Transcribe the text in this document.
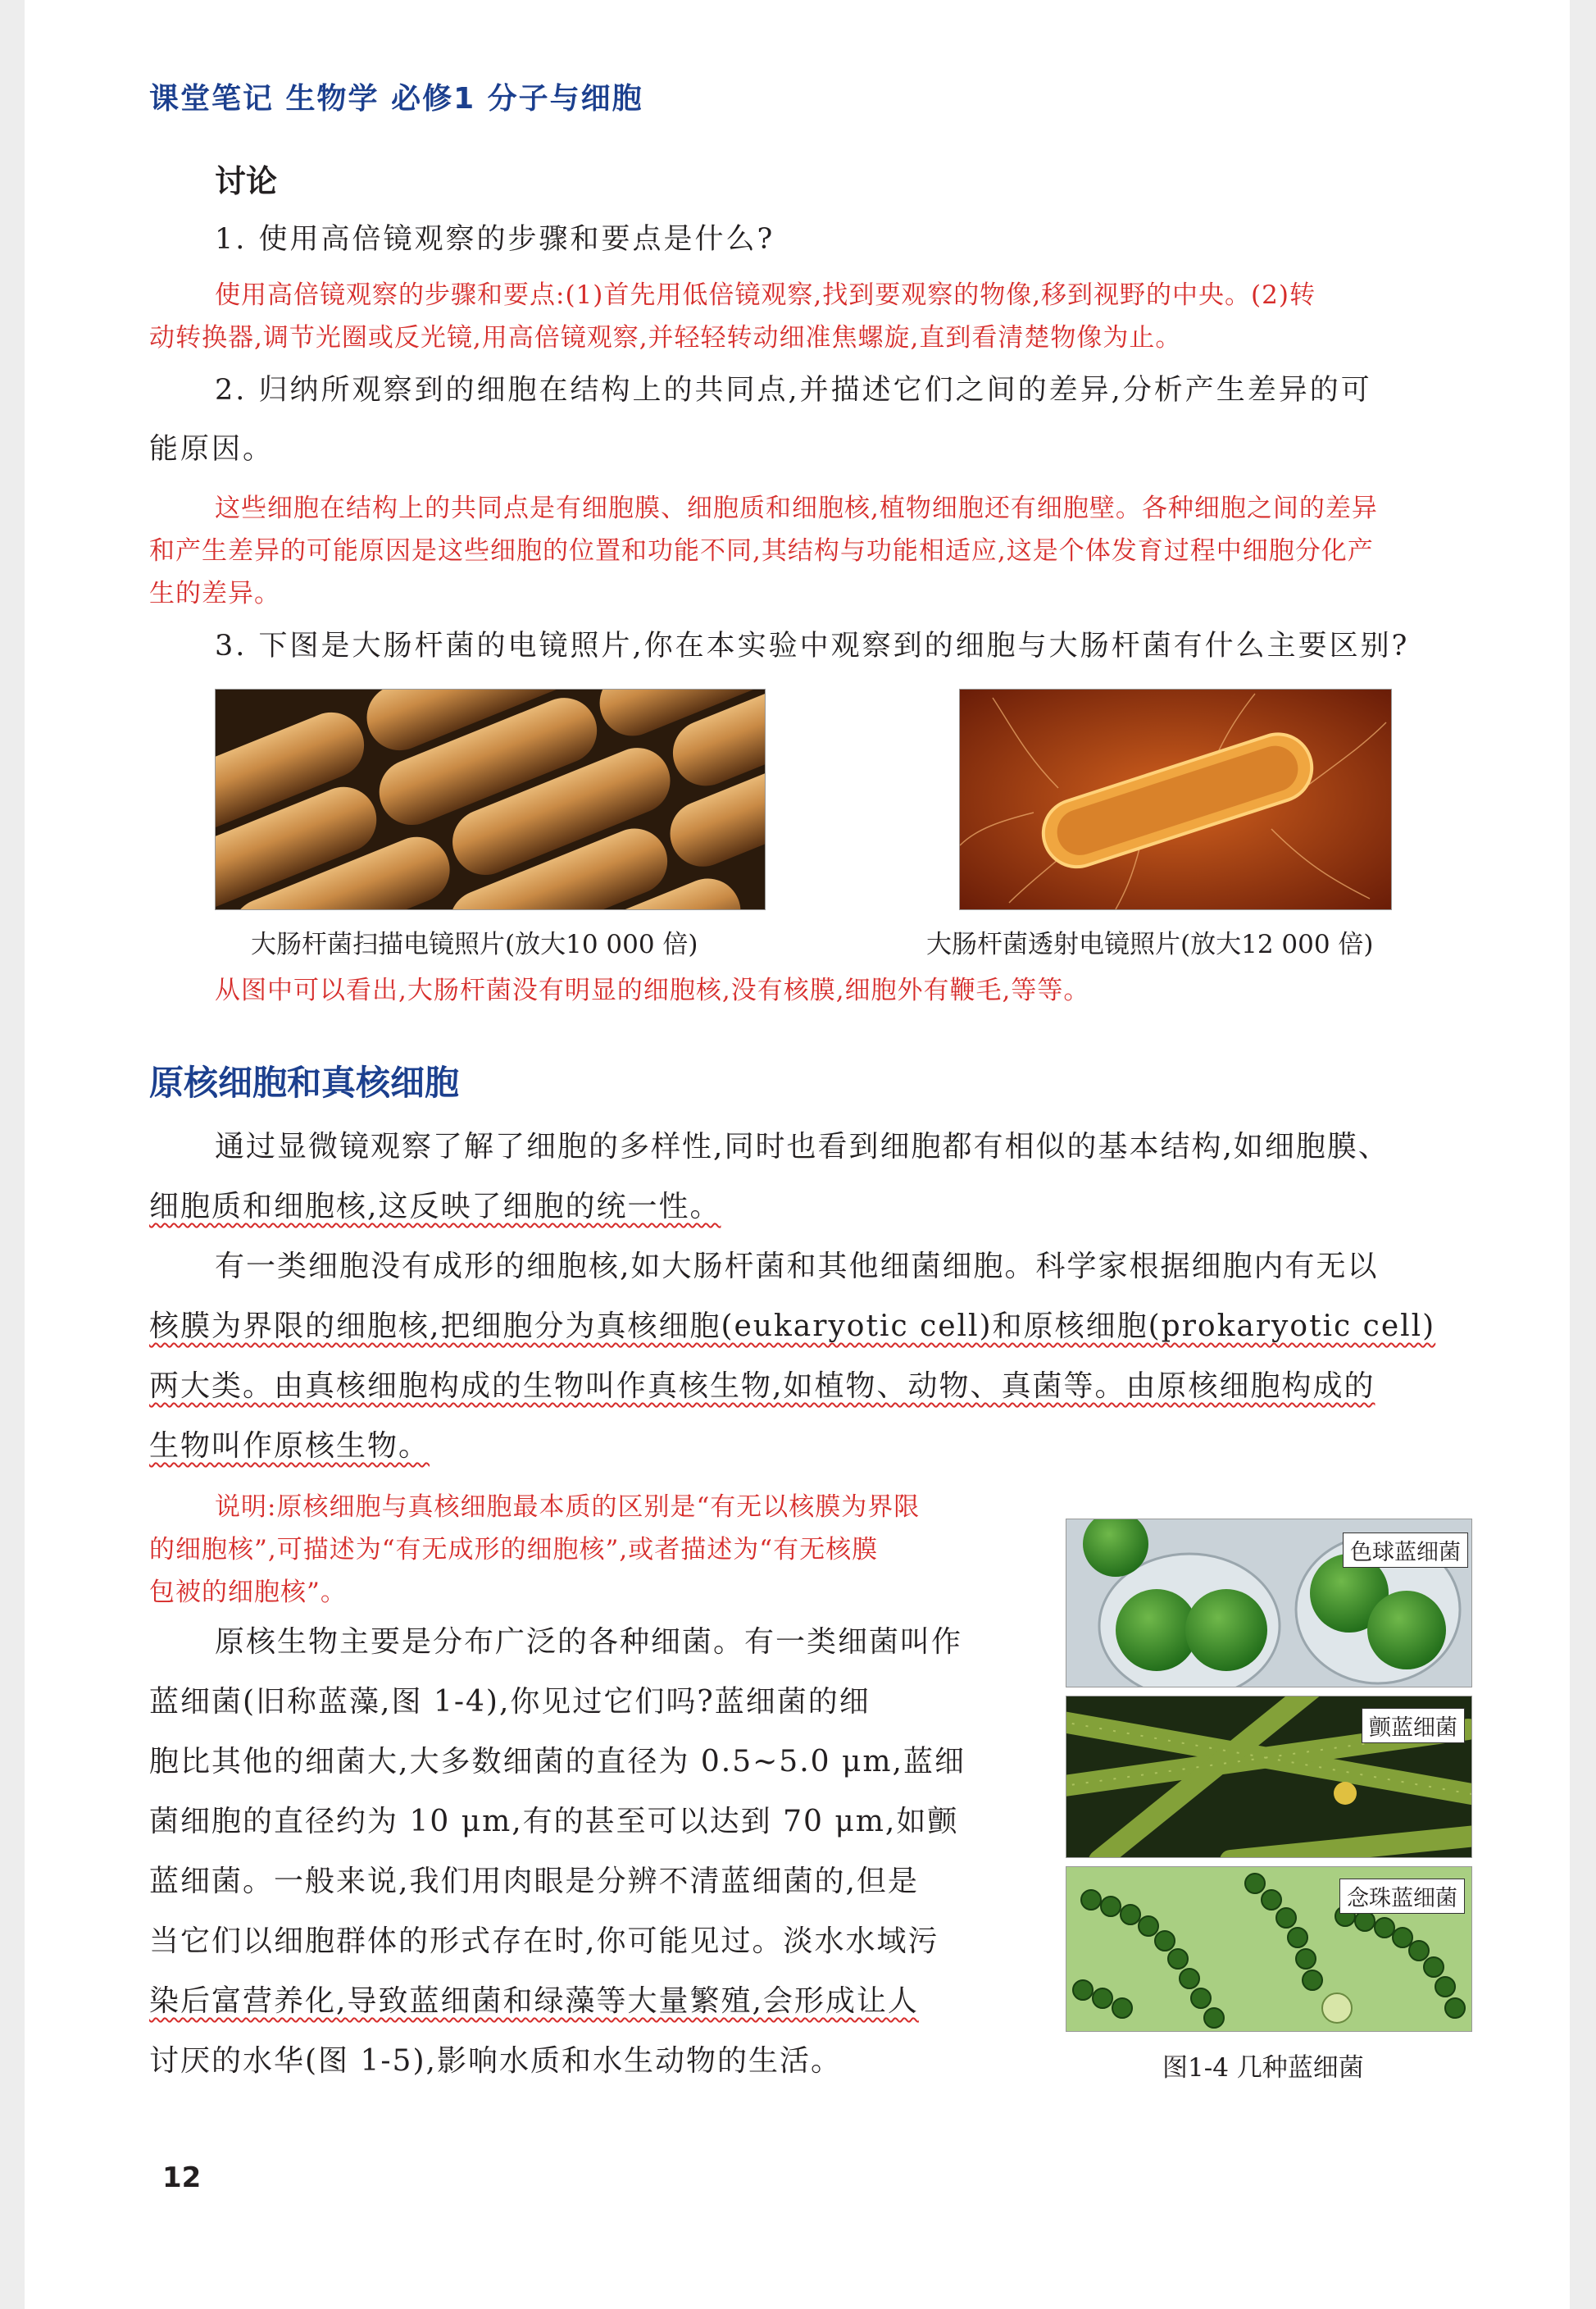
课堂笔记 生物学 必修1 分子与细胞
讨论
1. 使用高倍镜观察的步骤和要点是什么?
使用高倍镜观察的步骤和要点:(1)首先用低倍镜观察,找到要观察的物像,移到视野的中央。(2)转
动转换器,调节光圈或反光镜,用高倍镜观察,并轻轻转动细准焦螺旋,直到看清楚物像为止。
2. 归纳所观察到的细胞在结构上的共同点,并描述它们之间的差异,分析产生差异的可
能原因。
这些细胞在结构上的共同点是有细胞膜、细胞质和细胞核,植物细胞还有细胞壁。各种细胞之间的差异
和产生差异的可能原因是这些细胞的位置和功能不同,其结构与功能相适应,这是个体发育过程中细胞分化产
生的差异。
3. 下图是大肠杆菌的电镜照片,你在本实验中观察到的细胞与大肠杆菌有什么主要区别?
大肠杆菌扫描电镜照片(放大10 000 倍)	大肠杆菌透射电镜照片(放大12 000 倍)
从图中可以看出,大肠杆菌没有明显的细胞核,没有核膜,细胞外有鞭毛,等等。
原核细胞和真核细胞
通过显微镜观察了解了细胞的多样性,同时也看到细胞都有相似的基本结构,如细胞膜、
细胞质和细胞核,这反映了细胞的统一性。
有一类细胞没有成形的细胞核,如大肠杆菌和其他细菌细胞。科学家根据细胞内有无以
核膜为界限的细胞核,把细胞分为真核细胞(eukaryotic cell)和原核细胞(prokaryotic cell)
两大类。由真核细胞构成的生物叫作真核生物,如植物、动物、真菌等。由原核细胞构成的
生物叫作原核生物。
说明:原核细胞与真核细胞最本质的区别是“有无以核膜为界限
的细胞核”,可描述为“有无成形的细胞核”,或者描述为“有无核膜
包被的细胞核”。
原核生物主要是分布广泛的各种细菌。有一类细菌叫作
蓝细菌(旧称蓝藻,图 1-4),你见过它们吗?蓝细菌的细
胞比其他的细菌大,大多数细菌的直径为 0.5~5.0 μm,蓝细
菌细胞的直径约为 10 μm,有的甚至可以达到 70 μm,如颤
蓝细菌。一般来说,我们用肉眼是分辨不清蓝细菌的,但是
当它们以细胞群体的形式存在时,你可能见过。淡水水域污
染后富营养化,导致蓝细菌和绿藻等大量繁殖,会形成让人
讨厌的水华(图 1-5),影响水质和水生动物的生活。
色球蓝细菌
颤蓝细菌
念珠蓝细菌
图1-4 几种蓝细菌
12
